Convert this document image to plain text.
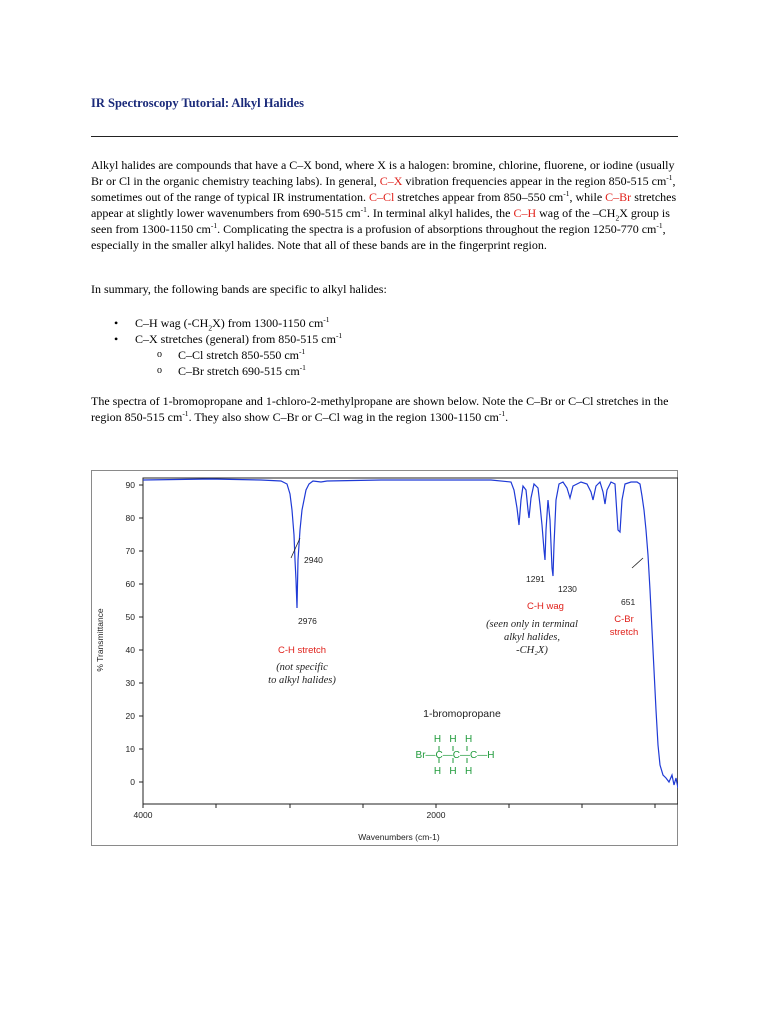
IR Spectroscopy Tutorial: Alkyl Halides

Alkyl halides are compounds that have a C–X bond, where X is a halogen: bromine, chlorine, fluorene, or iodine (usually Br or Cl in the organic chemistry teaching labs). In general, C–X vibration frequencies appear in the region 850-515 $cm^{-1}$, sometimes out of the range of typical IR instrumentation. C–Cl stretches appear from 850–550 $cm^{-1}$, while C–Br stretches appear at slightly lower wavenumbers from 690-515 $cm^{-1}$. In terminal alkyl halides, the C–H wag of the $-CH_2X$ group is seen from 1300-1150 $cm^{-1}$. Complicating the spectra is a profusion of absorptions throughout the region 1250-770 $cm^{-1}$, especially in the smaller alkyl halides. Note that all of these bands are in the fingerprint region.

In summary, the following bands are specific to alkyl halides:

• C–H wag $(-CH_2X)$ from 1300-1150 $cm^{-1}$
• C–X stretches (general) from 850-515 $cm^{-1}$
o C–Cl stretch 850-550 $cm^{-1}$
o C–Br stretch 690-515 $cm^{-1}$

The spectra of 1-bromopropane and 1-chloro-2-methylpropane are shown below. Note the C–Br or C–Cl stretches in the region 850-515 $cm^{-1}$. They also show C–Br or C–Cl wag in the region 1300-1150 $cm^{-1}$.

90
80
70
60
50
40
30
20
10
0
4000	2000
Wavenumbers (cm-1)
% Transmittance
2940
2976
1291
1230
651
C-H stretch
(not specific
to alkyl halides)
C-H wag
(seen only in terminal
alkyl halides,
-CH₂X)
C-Br
stretch
1-bromopropane
H   H   H
Br—C—C—C—H
H   H   H
